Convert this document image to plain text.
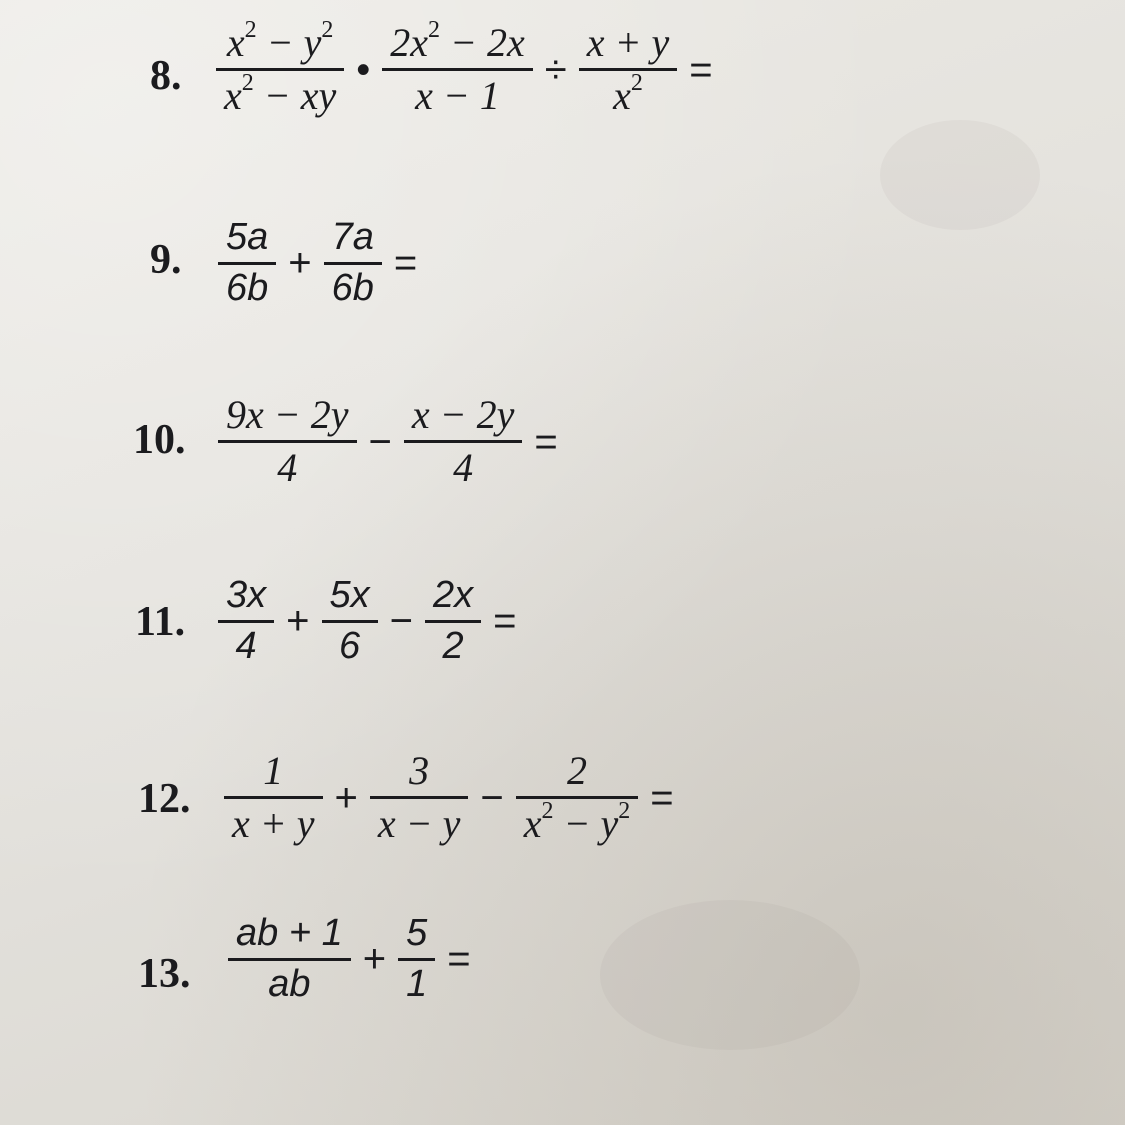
8. $\frac{x^2 - y^2}{x^2 - xy}$ • $\frac{2x^2 - 2x}{x - 1} \div \frac{x + y}{x^2}$ =
9. $\frac{5a}{6b} + \frac{7a}{6b}$ =
10. $\frac{9x - 2y}{4} - \frac{x - 2y}{4}$ =
11. $\frac{3x}{4} + \frac{5x}{6} - \frac{2x}{2}$ =
12. $\frac{1}{x + y} + \frac{3}{x - y} - \frac{2}{x^2 - y^2}$ =
13. $\frac{ab + 1}{ab} + \frac{5}{1}$ =
